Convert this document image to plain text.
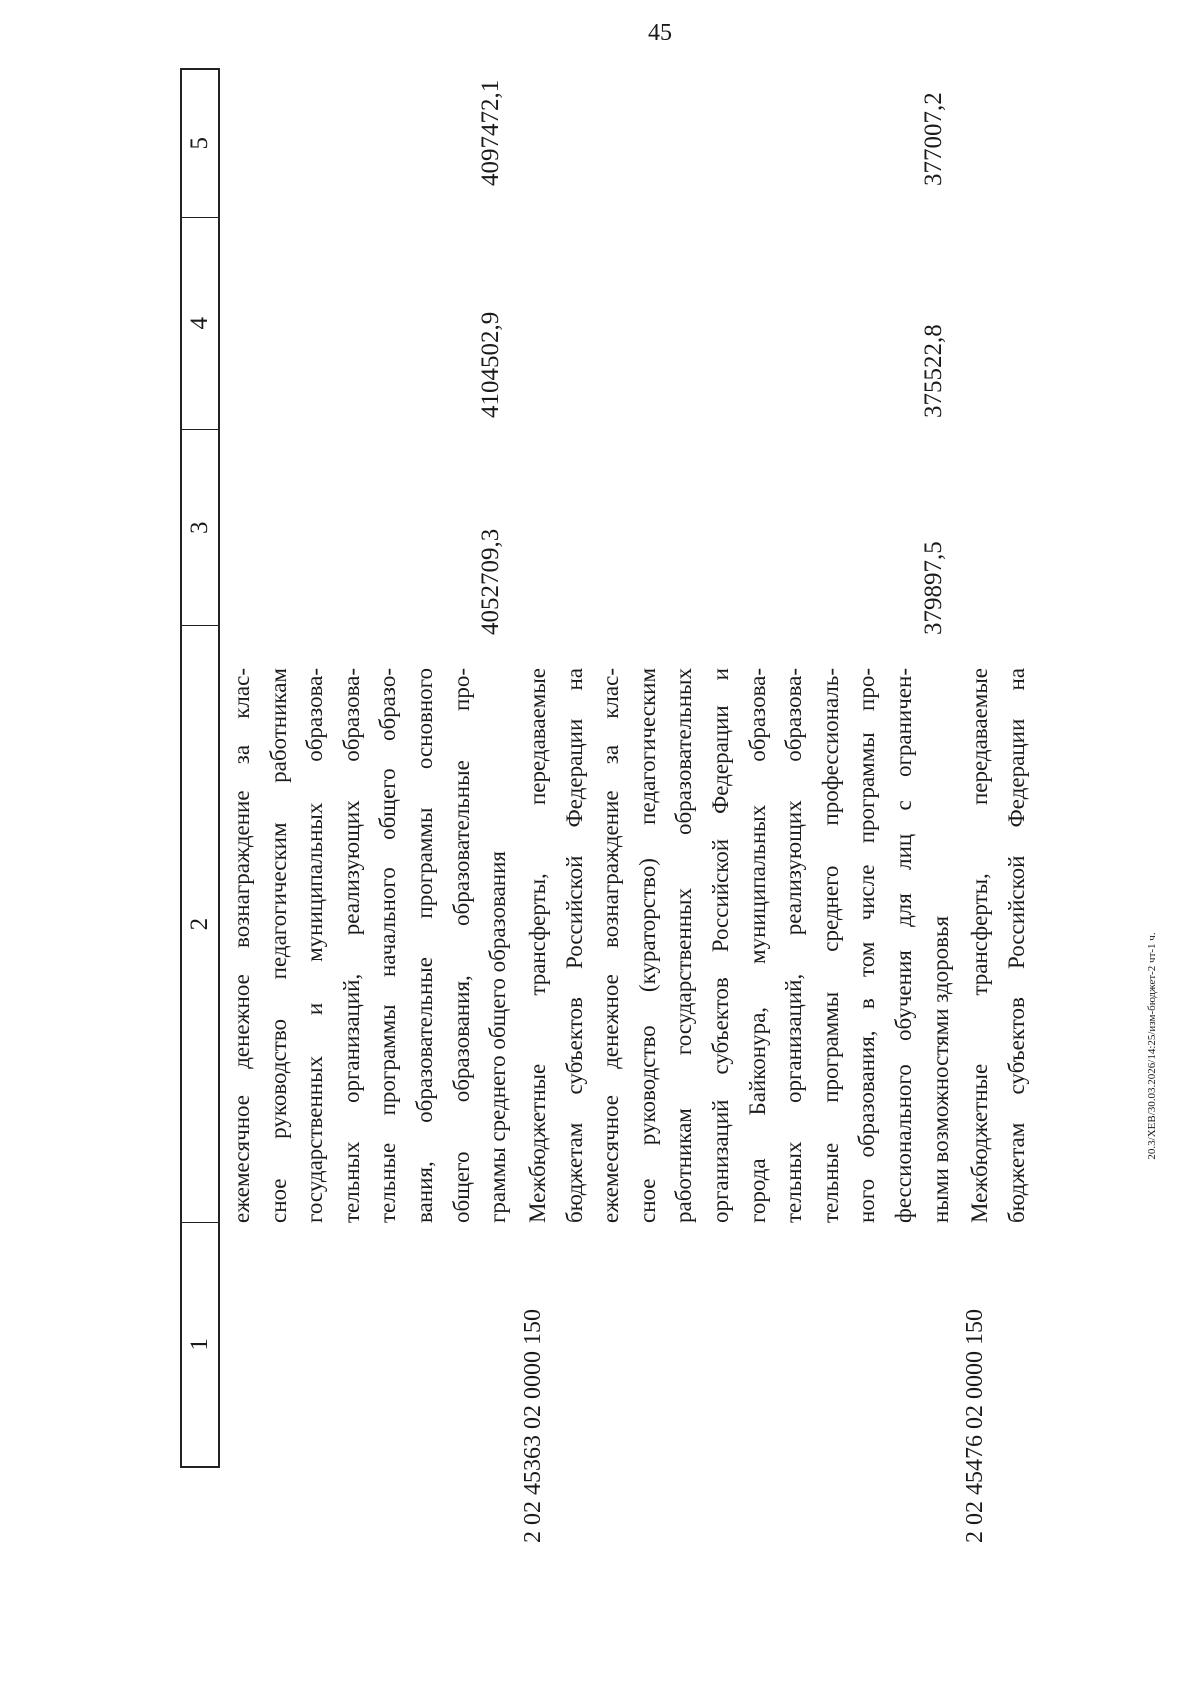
45
20.3/XEB/30.03.2026/14:25/изм-бюджет-2 чт-1 ч.
1
2
3
4
5
ежемесячное денежное вознаграждение за клас- сное руководство педагогическим работникам государственных и муниципальных образова- тельных организаций, реализующих образова- тельные программы начального общего образо- вания, образовательные программы основного общего образования, образовательные про- граммы среднего общего образования
4052709,3
4104502,9
4097472,1
2 02 45363 02 0000 150
Межбюджетные трансферты, передаваемые бюджетам субъектов Российской Федерации на ежемесячное денежное вознаграждение за клас- сное руководство (кураторство) педагогическим работникам государственных образовательных организаций субъектов Российской Федерации и города Байконура, муниципальных образова- тельных организаций, реализующих образова- тельные программы среднего профессиональ- ного образования, в том числе программы про- фессионального обучения для лиц с ограничен- ными возможностями здоровья
379897,5
375522,8
377007,2
2 02 45476 02 0000 150
Межбюджетные трансферты, передаваемые бюджетам субъектов Российской Федерации на
